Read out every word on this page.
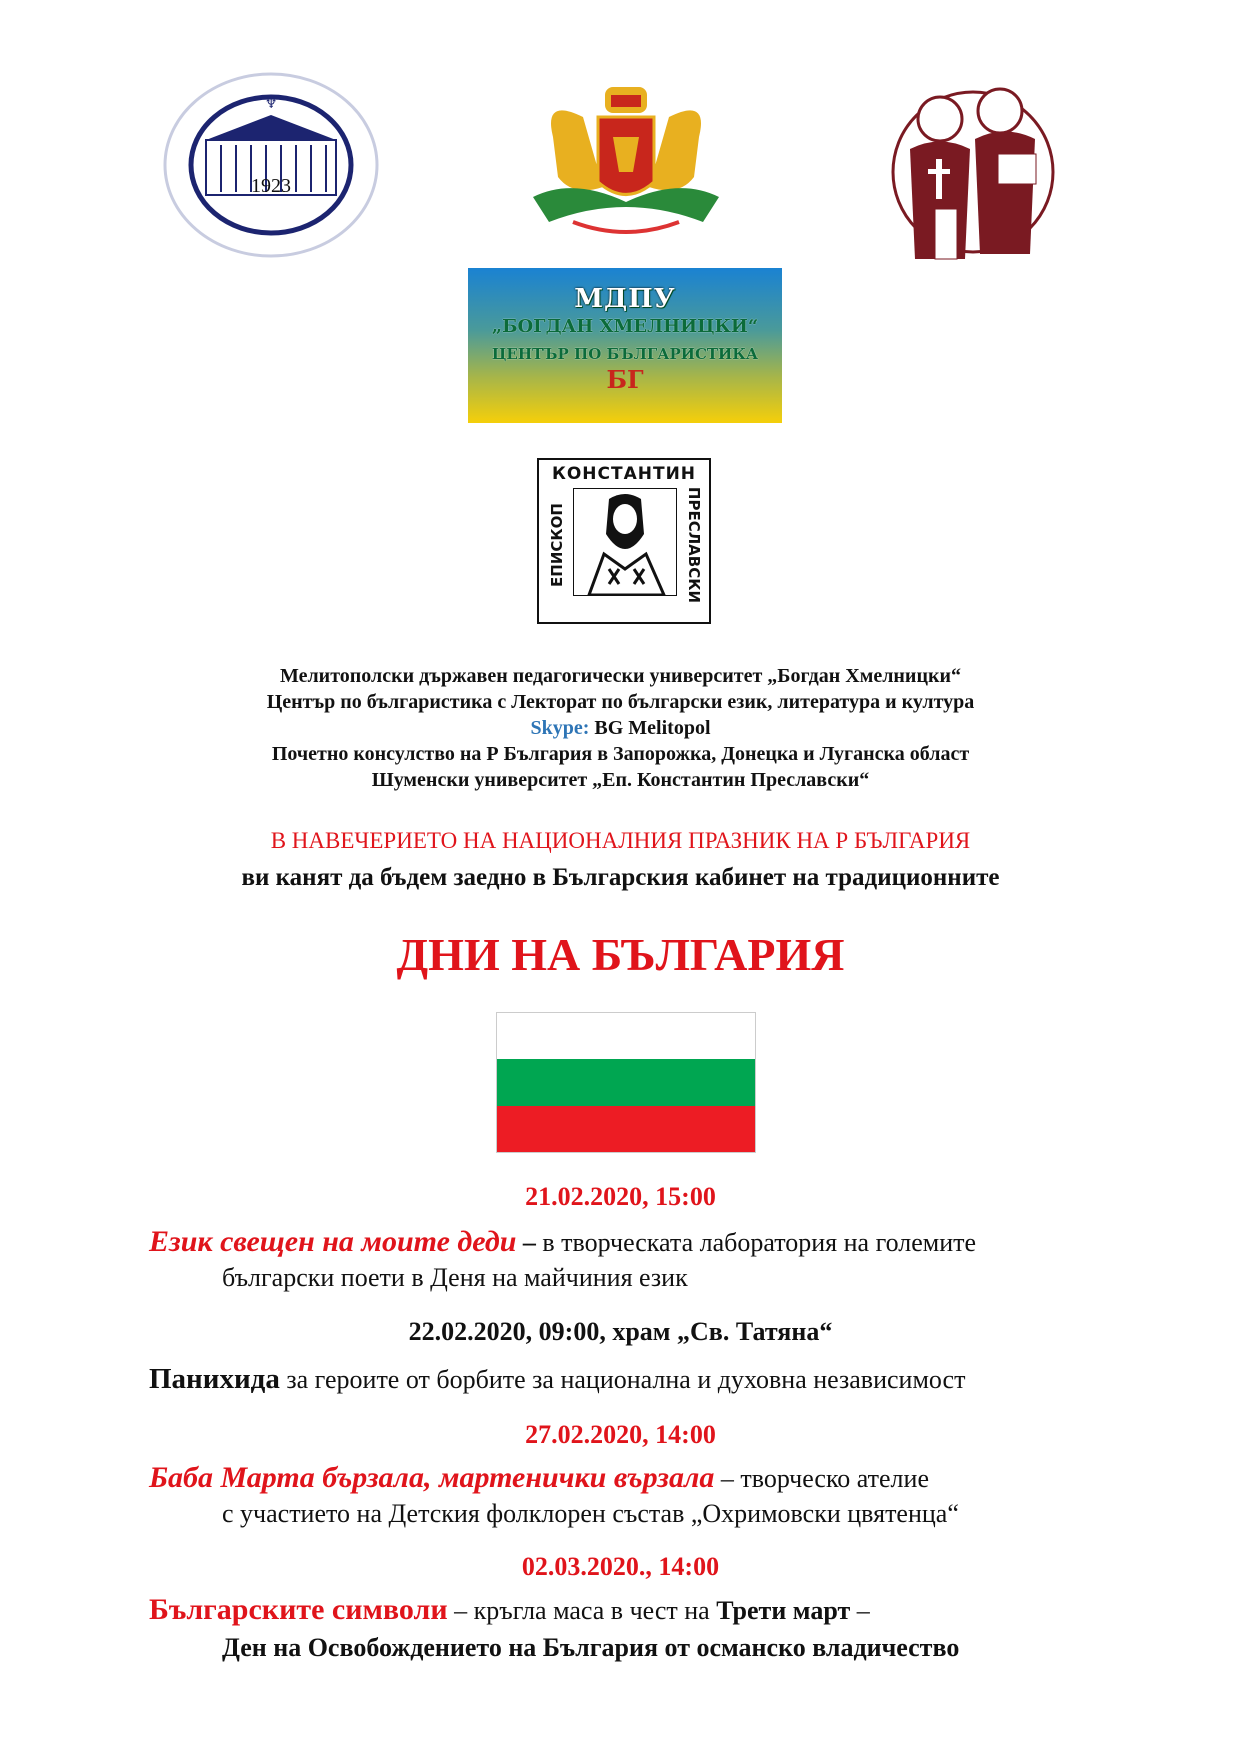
♆
1923
МДПУ
„БОГДАН ХМЕЛНИЦКИ“
ЦЕНТЪР ПО БЪЛГАРИСТИКА
БГ
КОНСТАНТИН
ЕПИСКОП	ПРЕСЛАВСКИ
Мелитополски държавен педагогически университет „Богдан Хмелницки“
Център по българистика с Лекторат по български език, литература и култура
Skype: BG Melitopol
Почетно консулство на Р България в Запорожка, Донецка и Луганска област
Шуменски университет „Еп. Константин Преславски“
В НАВЕЧЕРИЕТО НА НАЦИОНАЛНИЯ ПРАЗНИК НА Р БЪЛГАРИЯ
ви канят да бъдем заедно в Българския кабинет на традиционните
ДНИ НА БЪЛГАРИЯ
21.02.2020, 15:00
Език свещен на моите деди – в творческата лаборатория на големите
български поети в Деня на майчиния език
22.02.2020, 09:00, храм „Св. Татяна“
Панихида за героите от борбите за национална и духовна независимост
27.02.2020, 14:00
Баба Марта бързала, мартенички вързала – творческо ателие
с участието на Детския фолклорен състав „Охримовски цвятенца“
02.03.2020., 14:00
Българските символи – кръгла маса в чест на Трети март –
Ден на Освобождението на България от османско владичество
